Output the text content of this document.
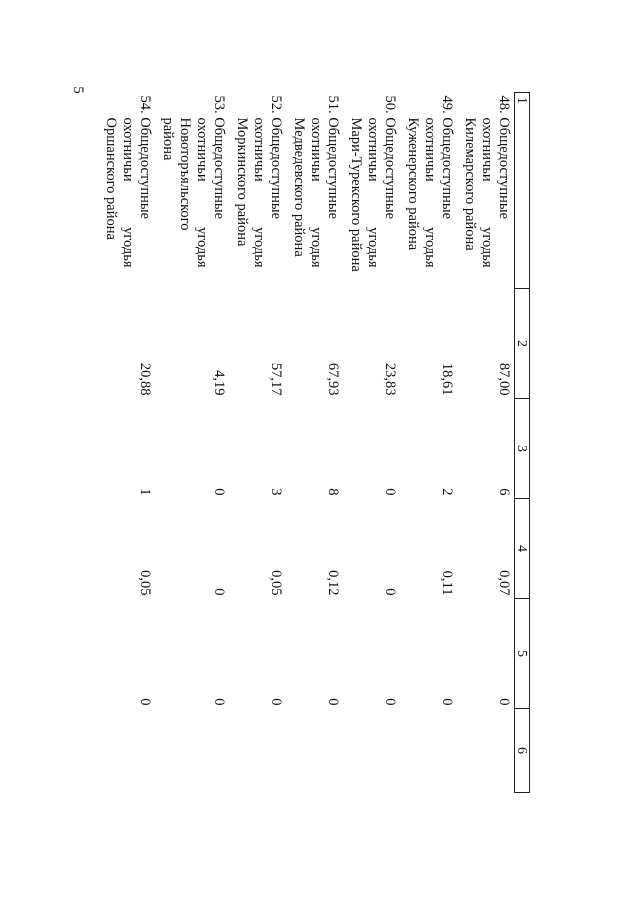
5
1	2	3	4	5	6

48. Общедоступные
охотничьи
угодья
Килемарского района	87,00	6	0,07	0	

49. Общедоступные
охотничьи
угодья
Куженерского района	18,61	2	0,11	0	

50. Общедоступные
охотничьи
угодья
Мари-Турекского района	23,83	0	0	0	

51. Общедоступные
охотничьи
угодья
Медведевского района	67,93	8	0,12	0	

52. Общедоступные
охотничьи
угодья
Моркинского района	57,17	3	0,05	0	

53. Общедоступные
охотничьи
угодья
Новоторъяльского
района	4,19	0	0	0	

54. Общедоступные
охотничьи
угодья
Оршанского района	20,88	1	0,05	0	
